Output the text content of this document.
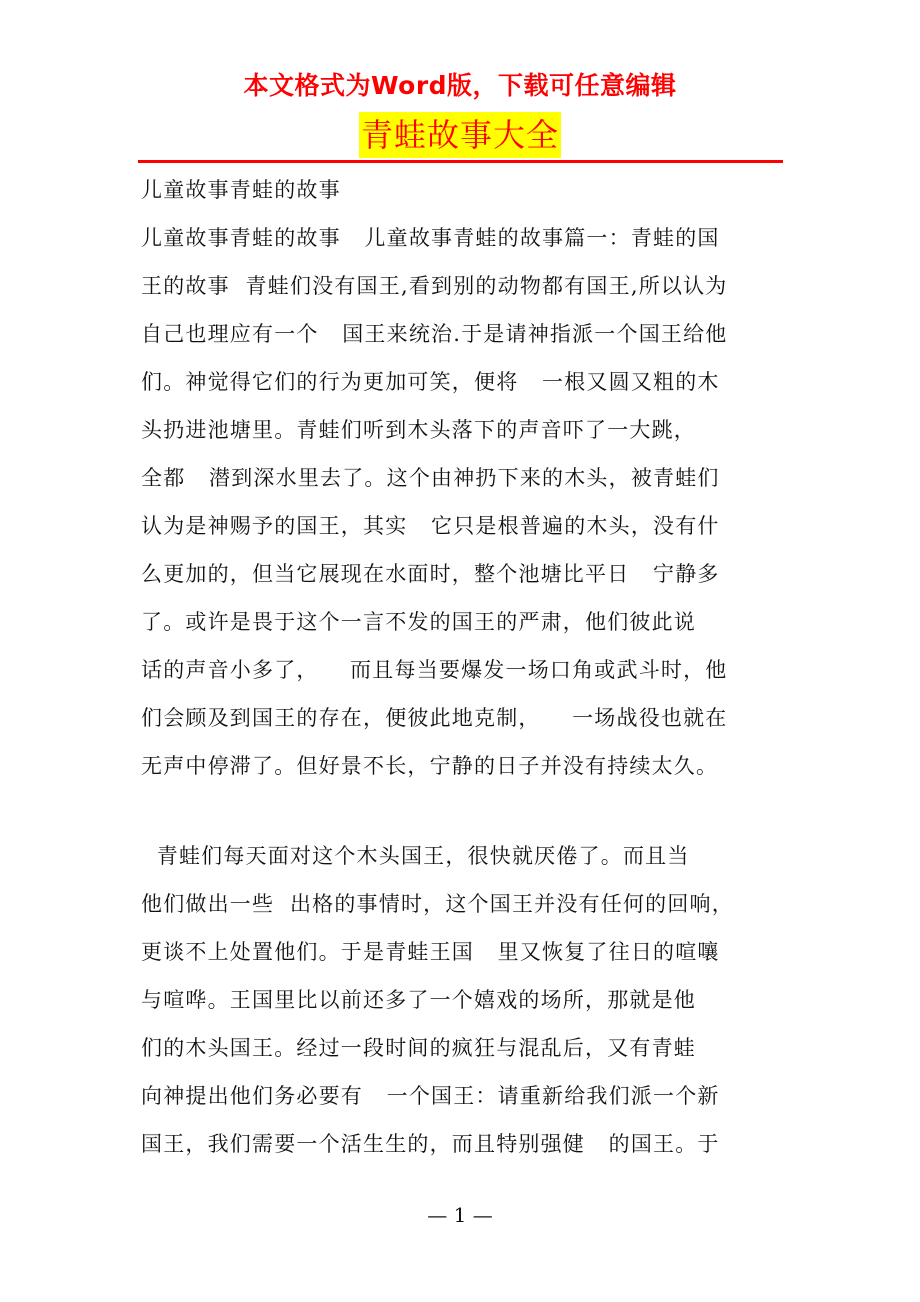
本文格式为Word版，下载可任意编辑
青蛙故事大全
儿童故事青蛙的故事
儿童故事青蛙的故事   儿童故事青蛙的故事篇一：青蛙的国
王的故事  青蛙们没有国王,看到别的动物都有国王,所以认为
自己也理应有一个   国王来统治.于是请神指派一个国王给他
们。神觉得它们的行为更加可笑，便将   一根又圆又粗的木
头扔进池塘里。青蛙们听到木头落下的声音吓了一大跳，
全都   潜到深水里去了。这个由神扔下来的木头，被青蛙们
认为是神赐予的国王，其实   它只是根普遍的木头，没有什
么更加的，但当它展现在水面时，整个池塘比平日   宁静多
了。或许是畏于这个一言不发的国王的严肃，他们彼此说
话的声音小多了，    而且每当要爆发一场口角或武斗时，他
们会顾及到国王的存在，便彼此地克制，    一场战役也就在
无声中停滞了。但好景不长，宁静的日子并没有持续太久。
青蛙们每天面对这个木头国王，很快就厌倦了。而且当
他们做出一些  出格的事情时，这个国王并没有任何的回响，
更谈不上处置他们。于是青蛙王国   里又恢复了往日的喧嚷
与喧哗。王国里比以前还多了一个嬉戏的场所，那就是他
们的木头国王。经过一段时间的疯狂与混乱后，又有青蛙
向神提出他们务必要有   一个国王：请重新给我们派一个新
国王，我们需要一个活生生的，而且特别强健   的国王。于
— 1 —
